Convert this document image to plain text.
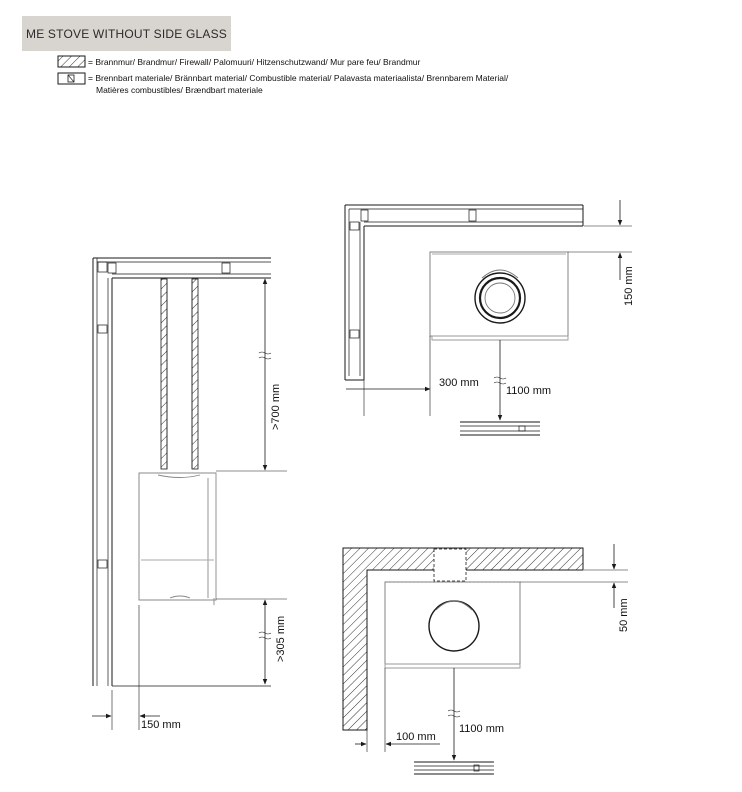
ME STOVE WITHOUT SIDE GLASS
= Brannmur/ Brandmur/ Firewall/ Palomuuri/ Hitzenschutzwand/ Mur pare feu/ Brandmur
= Brennbart materiale/ Brännbart material/ Combustible material/ Palavasta materiaalista/ Brennbarem Material/
Matières combustibles/ Brændbart materiale
>700 mm
>305 mm
150 mm
150 mm
300 mm
1100 mm
50 mm
100 mm
1100 mm
